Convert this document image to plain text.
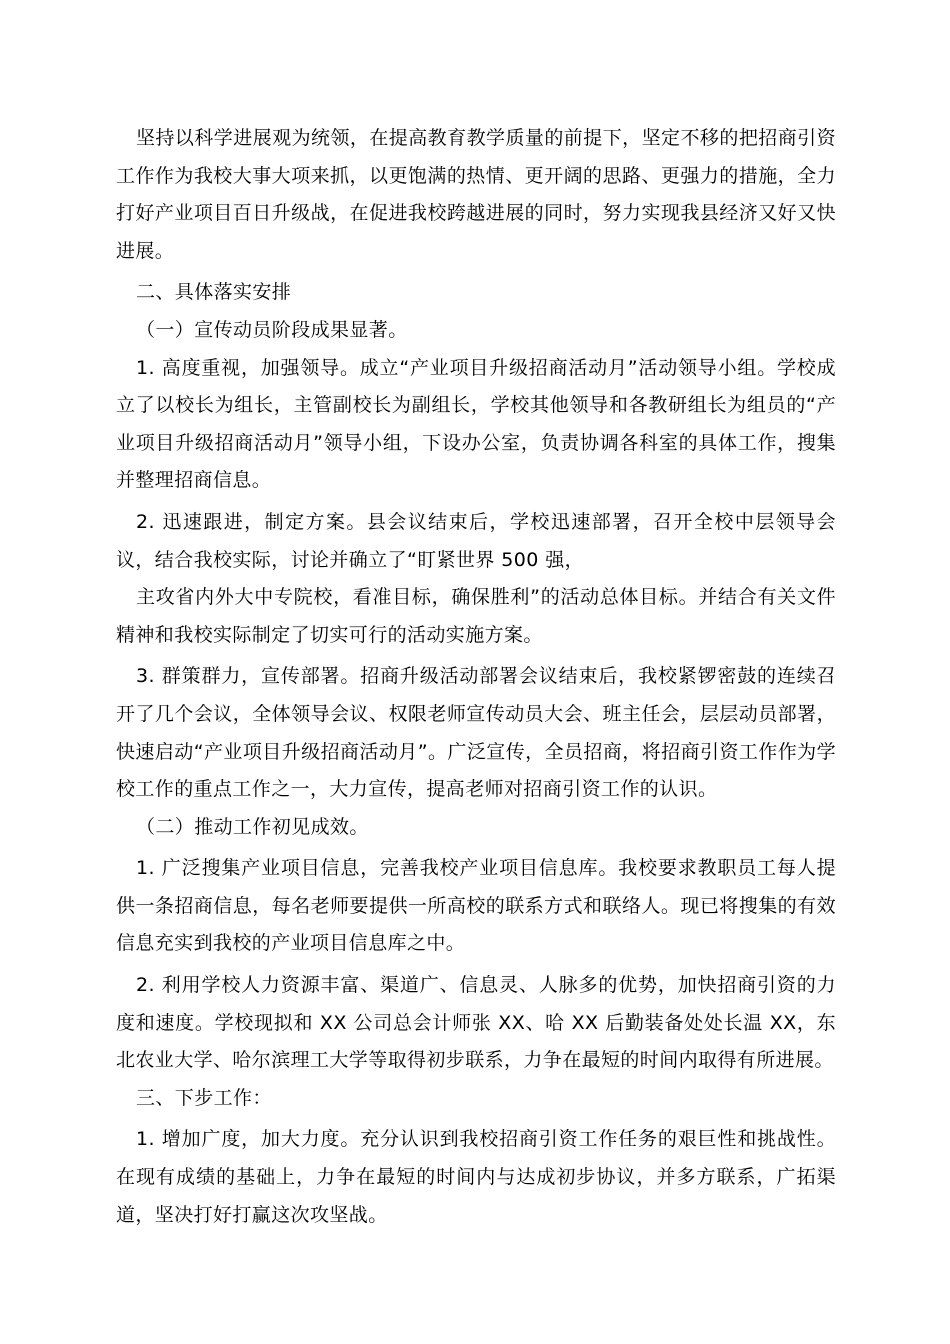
坚持以科学进展观为统领，在提高教育教学质量的前提下，坚定不移的把招商引资工作作为我校大事大项来抓，以更饱满的热情、更开阔的思路、更强力的措施，全力打好产业项目百日升级战，在促进我校跨越进展的同时，努力实现我县经济又好又快进展。

二、具体落实安排

（一）宣传动员阶段成果显著。

1. 高度重视，加强领导。成立“产业项目升级招商活动月”活动领导小组。学校成立了以校长为组长，主管副校长为副组长，学校其他领导和各教研组长为组员的“产业项目升级招商活动月”领导小组，下设办公室，负责协调各科室的具体工作，搜集并整理招商信息。

2. 迅速跟进，制定方案。县会议结束后，学校迅速部署，召开全校中层领导会议，结合我校实际，讨论并确立了“盯紧世界 500 强，

主攻省内外大中专院校，看准目标，确保胜利”的活动总体目标。并结合有关文件精神和我校实际制定了切实可行的活动实施方案。

3. 群策群力，宣传部署。招商升级活动部署会议结束后，我校紧锣密鼓的连续召开了几个会议，全体领导会议、权限老师宣传动员大会、班主任会，层层动员部署，快速启动“产业项目升级招商活动月”。广泛宣传，全员招商，将招商引资工作作为学校工作的重点工作之一，大力宣传，提高老师对招商引资工作的认识。

（二）推动工作初见成效。

1. 广泛搜集产业项目信息，完善我校产业项目信息库。我校要求教职员工每人提供一条招商信息，每名老师要提供一所高校的联系方式和联络人。现已将搜集的有效信息充实到我校的产业项目信息库之中。

2. 利用学校人力资源丰富、渠道广、信息灵、人脉多的优势，加快招商引资的力度和速度。学校现拟和 XX 公司总会计师张 XX、哈 XX 后勤装备处处长温 XX，东北农业大学、哈尔滨理工大学等取得初步联系，力争在最短的时间内取得有所进展。

三、下步工作：

1. 增加广度，加大力度。充分认识到我校招商引资工作任务的艰巨性和挑战性。在现有成绩的基础上，力争在最短的时间内与达成初步协议，并多方联系，广拓渠道，坚决打好打赢这次攻坚战。
